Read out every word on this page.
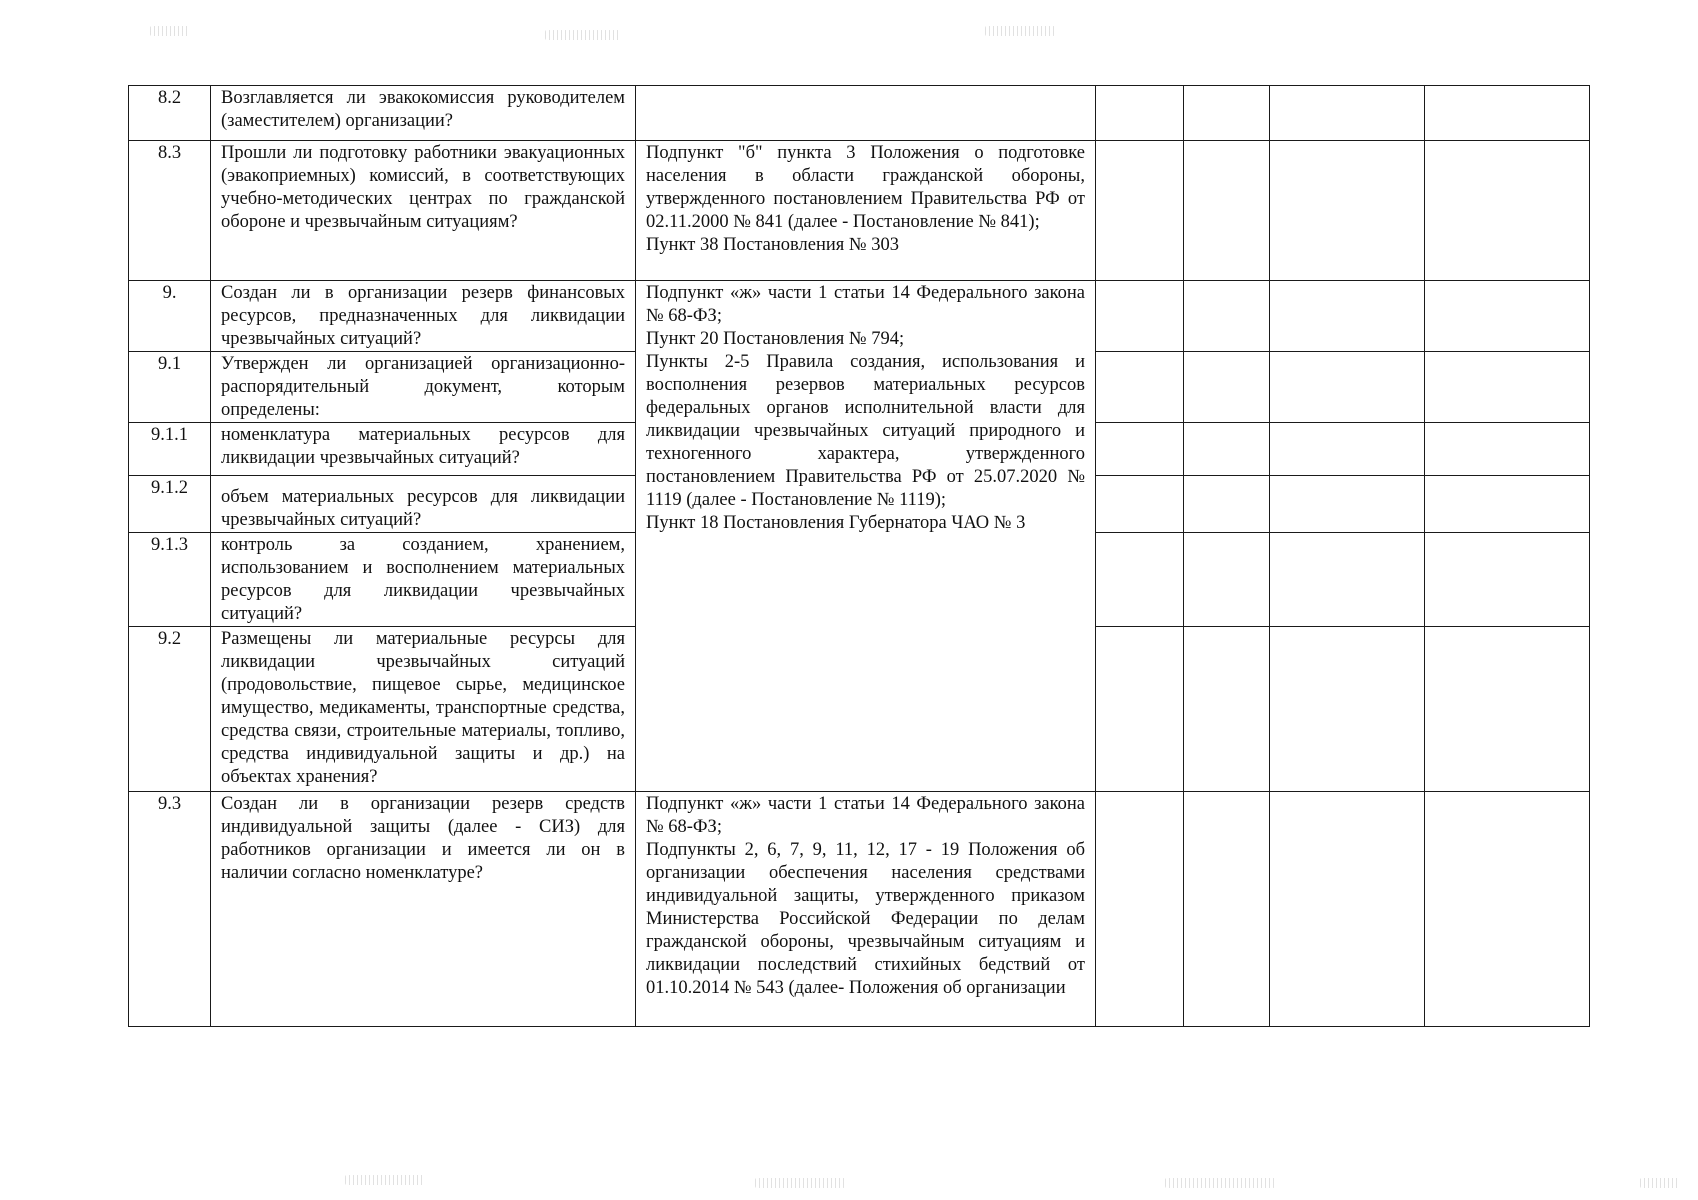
8.2	Возглавляется ли эвакокомиссия руководителем (заместителем) организации?					
8.3	Прошли ли подготовку работники эвакуационных (эвакоприемных) комиссий, в соответствующих учебно-методических центрах по гражданской обороне и чрезвычайным ситуациям?	Подпункт "б" пункта 3 Положения о подготовке населения в области гражданской обороны, утвержденного постановлением Правительства РФ от 02.11.2000 № 841 (далее - Постановление № 841);
Пункт 38 Постановления № 303				

9.	Создан ли в организации резерв финансовых ресурсов, предназначенных для ликвидации чрезвычайных ситуаций?	Подпункт «ж» части 1 статьи 14 Федерального закона № 68-ФЗ;
Пункт 20 Постановления № 794;
Пункты 2-5 Правила создания, использования и восполнения резервов материальных ресурсов федеральных органов исполнительной власти для ликвидации чрезвычайных ситуаций природного и техногенного характера, утвержденного постановлением Правительства РФ от 25.07.2020 № 1119 (далее - Постановление № 1119);
Пункт 18 Постановления Губернатора ЧАО № 3				

9.1	Утвержден ли организацией организационно-распорядительный документ, которым определены:					
9.1.1	номенклатура материальных ресурсов для ликвидации чрезвычайных ситуаций?					
9.1.2	объем материальных ресурсов для ликвидации чрезвычайных ситуаций?					
9.1.3	контроль за созданием, хранением, использованием и восполнением материальных ресурсов для ликвидации чрезвычайных ситуаций?					
9.2	Размещены ли материальные ресурсы для ликвидации чрезвычайных ситуаций (продовольствие, пищевое сырье, медицинское имущество, медикаменты, транспортные средства, средства связи, строительные материалы, топливо, средства индивидуальной защиты и др.) на объектах хранения?					
9.3	Создан ли в организации резерв средств индивидуальной защиты (далее - СИЗ) для работников организации и имеется ли он в наличии согласно номенклатуре?	Подпункт «ж» части 1 статьи 14 Федерального закона № 68-ФЗ;
Подпункты 2, 6, 7, 9, 11, 12, 17 - 19 Положения об организации обеспечения населения средствами индивидуальной защиты, утвержденного приказом Министерства Российской Федерации по делам гражданской обороны, чрезвычайным ситуациям и ликвидации последствий стихийных бедствий от 01.10.2014 № 543 (далее- Положения об организации				
